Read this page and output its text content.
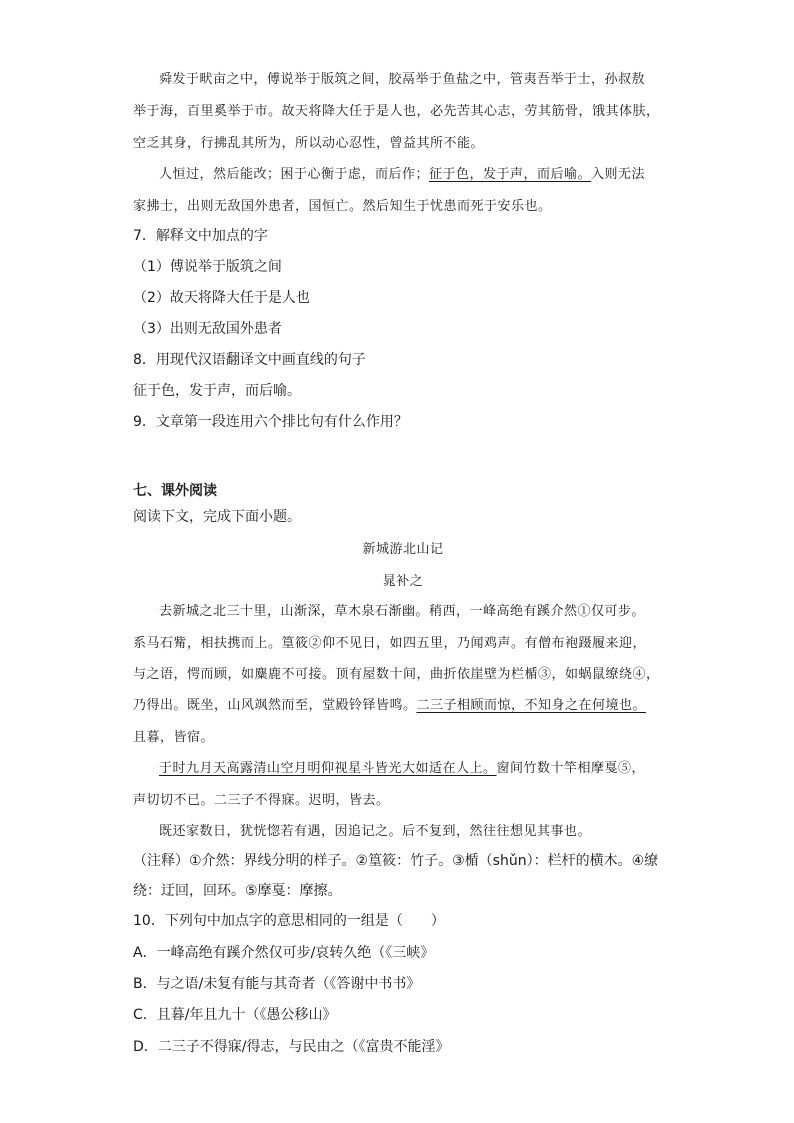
舜发于畎亩之中，傅说举于版筑之间，胶鬲举于鱼盐之中，管夷吾举于士，孙叔敖
举于海，百里奚举于市。故天将降大任于是人也，必先苦其心志，劳其筋骨，饿其体肤，
空乏其身，行拂乱其所为，所以动心忍性，曾益其所不能。
人恒过，然后能改；困于心衡于虑，而后作；征于色，发于声，而后喻。入则无法
家拂士，出则无敌国外患者，国恒亡。然后知生于忧患而死于安乐也。
7．解释文中加点的字
（1）傅说举于版筑之间
（2）故天将降大任于是人也
（3）出则无敌国外患者
8．用现代汉语翻译文中画直线的句子
征于色，发于声，而后喻。
9．文章第一段连用六个排比句有什么作用？
七、课外阅读
阅读下文，完成下面小题。
新城游北山记
晁补之
去新城之北三十里，山渐深，草木泉石渐幽。稍西，一峰高绝有蹊介然①仅可步。
系马石觜，相扶携而上。篁筱②仰不见日，如四五里，乃闻鸡声。有僧布袍蹑履来迎，
与之语，愕而顾，如麋鹿不可接。顶有屋数十间，曲折依崖壁为栏楯③，如蜗鼠缭绕④，
乃得出。既坐，山风飒然而至，堂殿铃铎皆鸣。二三子相顾而惊，不知身之在何境也。
且暮，皆宿。
于时九月天高露清山空月明仰视星斗皆光大如适在人上。窗间竹数十竿相摩戛⑤，
声切切不已。二三子不得寐。迟明，皆去。
既还家数日，犹恍惚若有遇，因追记之。后不复到，然往往想见其事也。
（注释）①介然：界线分明的样子。②篁筱：竹子。③楯（shǔn）：栏杆的横木。④缭
绕：迂回，回环。⑤摩戛：摩擦。
10．下列句中加点字的意思相同的一组是（　　）
A．一峰高绝有蹊介然仅可步/哀转久绝（《三峡》
B．与之语/未复有能与其奇者（《答谢中书书》
C．且暮/年且九十（《愚公移山》
D．二三子不得寐/得志，与民由之（《富贵不能淫》
